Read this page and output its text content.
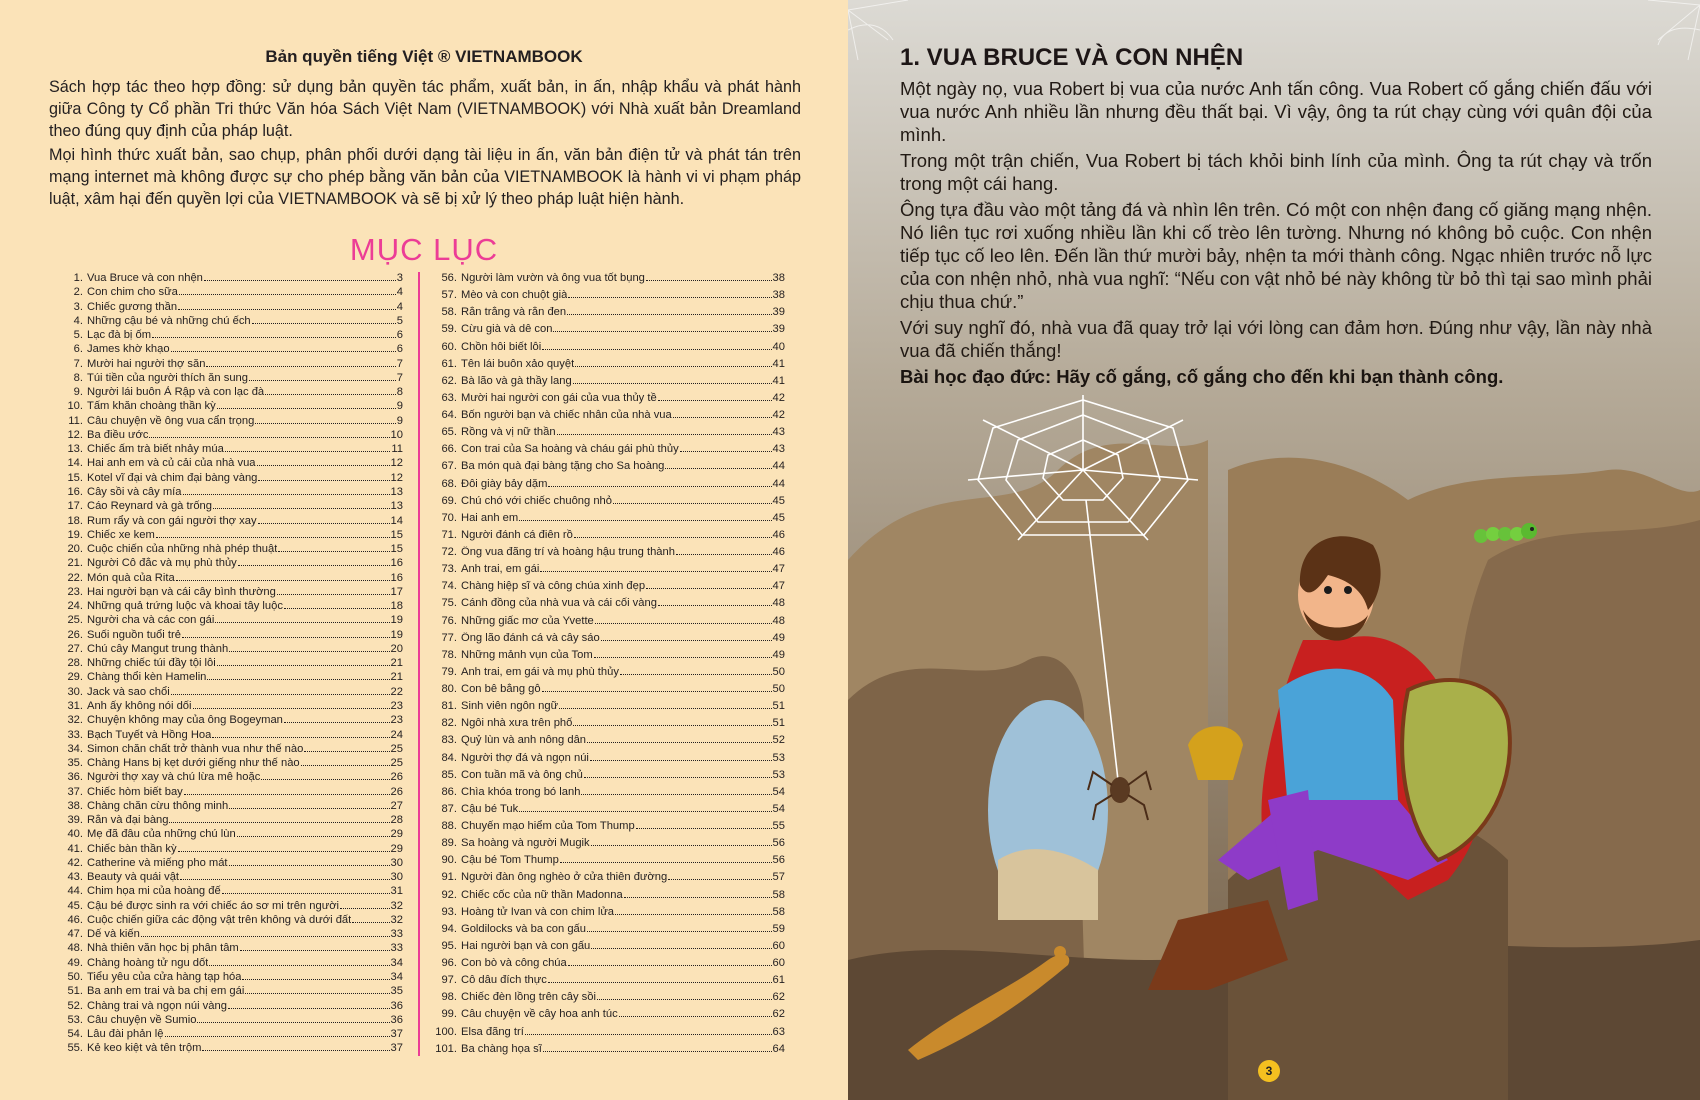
Bản quyền tiếng Việt ® VIETNAMBOOK

Sách hợp tác theo hợp đồng: sử dụng bản quyền tác phẩm, xuất bản, in ấn, nhập khẩu và phát hành giữa Công ty Cổ phần Tri thức Văn hóa Sách Việt Nam (VIETNAMBOOK) với Nhà xuất bản Dreamland theo đúng quy định của pháp luật.

Mọi hình thức xuất bản, sao chụp, phân phối dưới dạng tài liệu in ấn, văn bản điện tử và phát tán trên mạng internet mà không được sự cho phép bằng văn bản của VIETNAMBOOK là hành vi vi phạm pháp luật, xâm hại đến quyền lợi của VIETNAMBOOK và sẽ bị xử lý theo pháp luật hiện hành.

MỤC LỤC
1. Vua Bruce và con nhện	3
2. Con chim cho sữa	4
3. Chiếc gương thần	4
4. Những cậu bé và những chú ếch	5
5. Lạc đà bị ốm	6
6. James khờ khạo	6
7. Mười hai người thợ săn	7
8. Túi tiền của người thích ăn sung	7
9. Người lái buôn Ả Rập và con lạc đà	8
10. Tấm khăn choàng thần kỳ	9
11. Câu chuyện về ông vua cẩn trọng	9
12. Ba điều ước	10
13. Chiếc ấm trà biết nhảy múa	11
14. Hai anh em và củ cải của nhà vua	12
15. Kotel vĩ đại và chim đại bàng vàng	12
16. Cây sồi và cây mía	13
17. Cáo Reynard và gà trống	13
18. Rum rẩy và con gái người thợ xay	14
19. Chiếc xe kem	15
20. Cuộc chiến của những nhà phép thuật	15
21. Người Cô đắc và mụ phù thủy	16
22. Món quà của Rita	16
23. Hai người bạn và cái cây bình thường	17
24. Những quả trứng luộc và khoai tây luộc	18
25. Người cha và các con gái	19
26. Suối nguồn tuổi trẻ	19
27. Chú cây Mangut trung thành	20
28. Những chiếc túi đầy tội lỗi	21
29. Chàng thổi kèn Hamelin	21
30. Jack và sao chổi	22
31. Anh ấy không nói dối	23
32. Chuyện không may của ông Bogeyman	23
33. Bạch Tuyết và Hồng Hoa	24
34. Simon chăn chất trở thành vua như thế nào	25
35. Chàng Hans bị kẹt dưới giếng như thế nào	25
36. Người thợ xay và chú lừa mê hoặc	26
37. Chiếc hòm biết bay	26
38. Chàng chăn cừu thông minh	27
39. Rắn và đại bàng	28
40. Mẹ đã đâu của những chú lùn	29
41. Chiếc bàn thần kỳ	29
42. Catherine và miếng pho mát	30
43. Beauty và quái vật	30
44. Chim họa mi của hoàng đế	31
45. Cậu bé được sinh ra với chiếc áo sơ mi trên người	32
46. Cuộc chiến giữa các động vật trên không và dưới đất	32
47. Dế và kiến	33
48. Nhà thiên văn học bị phân tâm	33
49. Chàng hoàng tử ngu dốt	34
50. Tiểu yêu của cửa hàng tạp hóa	34
51. Ba anh em trai và ba chị em gái	35
52. Chàng trai và ngọn núi vàng	36
53. Câu chuyện về Sumio	36
54. Lâu đài phản lệ	37
55. Kẻ keo kiệt và tên trộm	37
56. Người làm vườn và ông vua tốt bụng	38
57. Mèo và con chuột già	38
58. Rắn trắng và rắn đen	39
59. Cừu già và dê con	39
60. Chồn hôi biết lỗi	40
61. Tên lái buôn xảo quyệt	41
62. Bà lão và gà thầy lang	41
63. Mười hai người con gái của vua thủy tề	42
64. Bốn người bạn và chiếc nhẫn của nhà vua	42
65. Rồng và vị nữ thần	43
66. Con trai của Sa hoàng và cháu gái phù thủy	43
67. Ba món quà đại bàng tặng cho Sa hoàng	44
68. Đôi giày bảy dặm	44
69. Chú chó với chiếc chuông nhỏ	45
70. Hai anh em	45
71. Người đánh cá điên rồ	46
72. Ông vua đãng trí và hoàng hậu trung thành	46
73. Anh trai, em gái	47
74. Chàng hiệp sĩ và công chúa xinh đẹp	47
75. Cánh đồng của nhà vua và cái cối vàng	48
76. Những giấc mơ của Yvette	48
77. Ông lão đánh cá và cây sáo	49
78. Những mảnh vụn của Tom	49
79. Anh trai, em gái và mụ phù thủy	50
80. Con bê bằng gỗ	50
81. Sinh viên ngôn ngữ	51
82. Ngôi nhà xưa trên phố	51
83. Quỷ lùn và anh nông dân	52
84. Người thợ đá và ngọn núi	53
85. Con tuần mã và ông chủ	53
86. Chìa khóa trong bó lanh	54
87. Cậu bé Tuk	54
88. Chuyến mạo hiểm của Tom Thump	55
89. Sa hoàng và người Mugik	56
90. Cậu bé Tom Thump	56
91. Người đàn ông nghèo ở cửa thiên đường	57
92. Chiếc cốc của nữ thần Madonna	58
93. Hoàng tử Ivan và con chim lửa	58
94. Goldilocks và ba con gấu	59
95. Hai người bạn và con gấu	60
96. Con bò và công chúa	60
97. Cô dâu đích thực	61
98. Chiếc đèn lồng trên cây sồi	62
99. Câu chuyện về cây hoa anh túc	62
100. Elsa đãng trí	63
101. Ba chàng họa sĩ	64
1. VUA BRUCE VÀ CON NHỆN

Một ngày nọ, vua Robert bị vua của nước Anh tấn công. Vua Robert cố gắng chiến đấu với vua nước Anh nhiều lần nhưng đều thất bại. Vì vậy, ông ta rút chạy cùng với quân đội của mình.

Trong một trận chiến, Vua Robert bị tách khỏi binh lính của mình. Ông ta rút chạy và trốn trong một cái hang.

Ông tựa đầu vào một tảng đá và nhìn lên trên. Có một con nhện đang cố giăng mạng nhện. Nó liên tục rơi xuống nhiều lần khi cố trèo lên tường. Nhưng nó không bỏ cuộc. Con nhện tiếp tục cố leo lên. Đến lần thứ mười bảy, nhện ta mới thành công. Ngạc nhiên trước nỗ lực của con nhện nhỏ, nhà vua nghĩ: “Nếu con vật nhỏ bé này không từ bỏ thì tại sao mình phải chịu thua chứ.”

Với suy nghĩ đó, nhà vua đã quay trở lại với lòng can đảm hơn. Đúng như vậy, lần này nhà vua đã chiến thắng!

Bài học đạo đức: Hãy cố gắng, cố gắng cho đến khi bạn thành công.
3
